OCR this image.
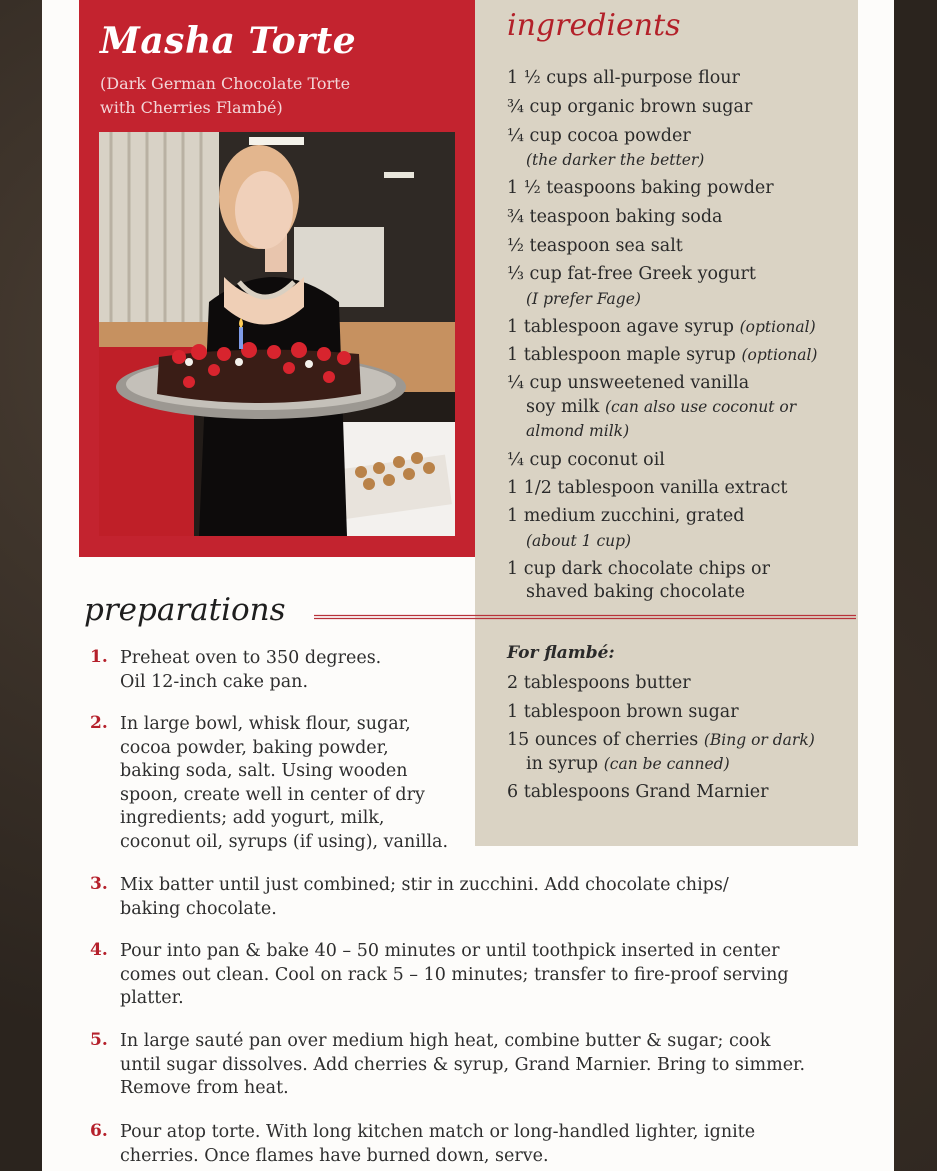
Masha Torte
(Dark German Chocolate Torte
with Cherries Flambé)
ingredients
1 ½ cups all-purpose flour
¾ cup organic brown sugar
¼ cup cocoa powder
(the darker the better)
1 ½ teaspoons baking powder
¾ teaspoon baking soda
½ teaspoon sea salt
⅓ cup fat-free Greek yogurt
(I prefer Fage)
1 tablespoon agave syrup (optional)
1 tablespoon maple syrup (optional)
¼ cup unsweetened vanilla
soy milk (can also use coconut or
almond milk)
¼ cup coconut oil
1 1/2 tablespoon vanilla extract
1 medium zucchini, grated
(about 1 cup)
1 cup dark chocolate chips or
shaved baking chocolate
For flambé:
2 tablespoons butter
1 tablespoon brown sugar
15 ounces of cherries (Bing or dark)
in syrup (can be canned)
6 tablespoons Grand Marnier
preparations
1. Preheat oven to 350 degrees.
Oil 12-inch cake pan.
2. In large bowl, whisk flour, sugar,
cocoa powder, baking powder,
baking soda, salt. Using wooden
spoon, create well in center of dry
ingredients; add yogurt, milk,
coconut oil, syrups (if using), vanilla.
3. Mix batter until just combined; stir in zucchini. Add chocolate chips/
baking chocolate.
4. Pour into pan & bake 40 – 50 minutes or until toothpick inserted in center
comes out clean. Cool on rack 5 – 10 minutes; transfer to fire-proof serving
platter.
5. In large sauté pan over medium high heat, combine butter & sugar; cook
until sugar dissolves. Add cherries & syrup, Grand Marnier. Bring to simmer.
Remove from heat.
6. Pour atop torte. With long kitchen match or long-handled lighter, ignite
cherries. Once flames have burned down, serve.
